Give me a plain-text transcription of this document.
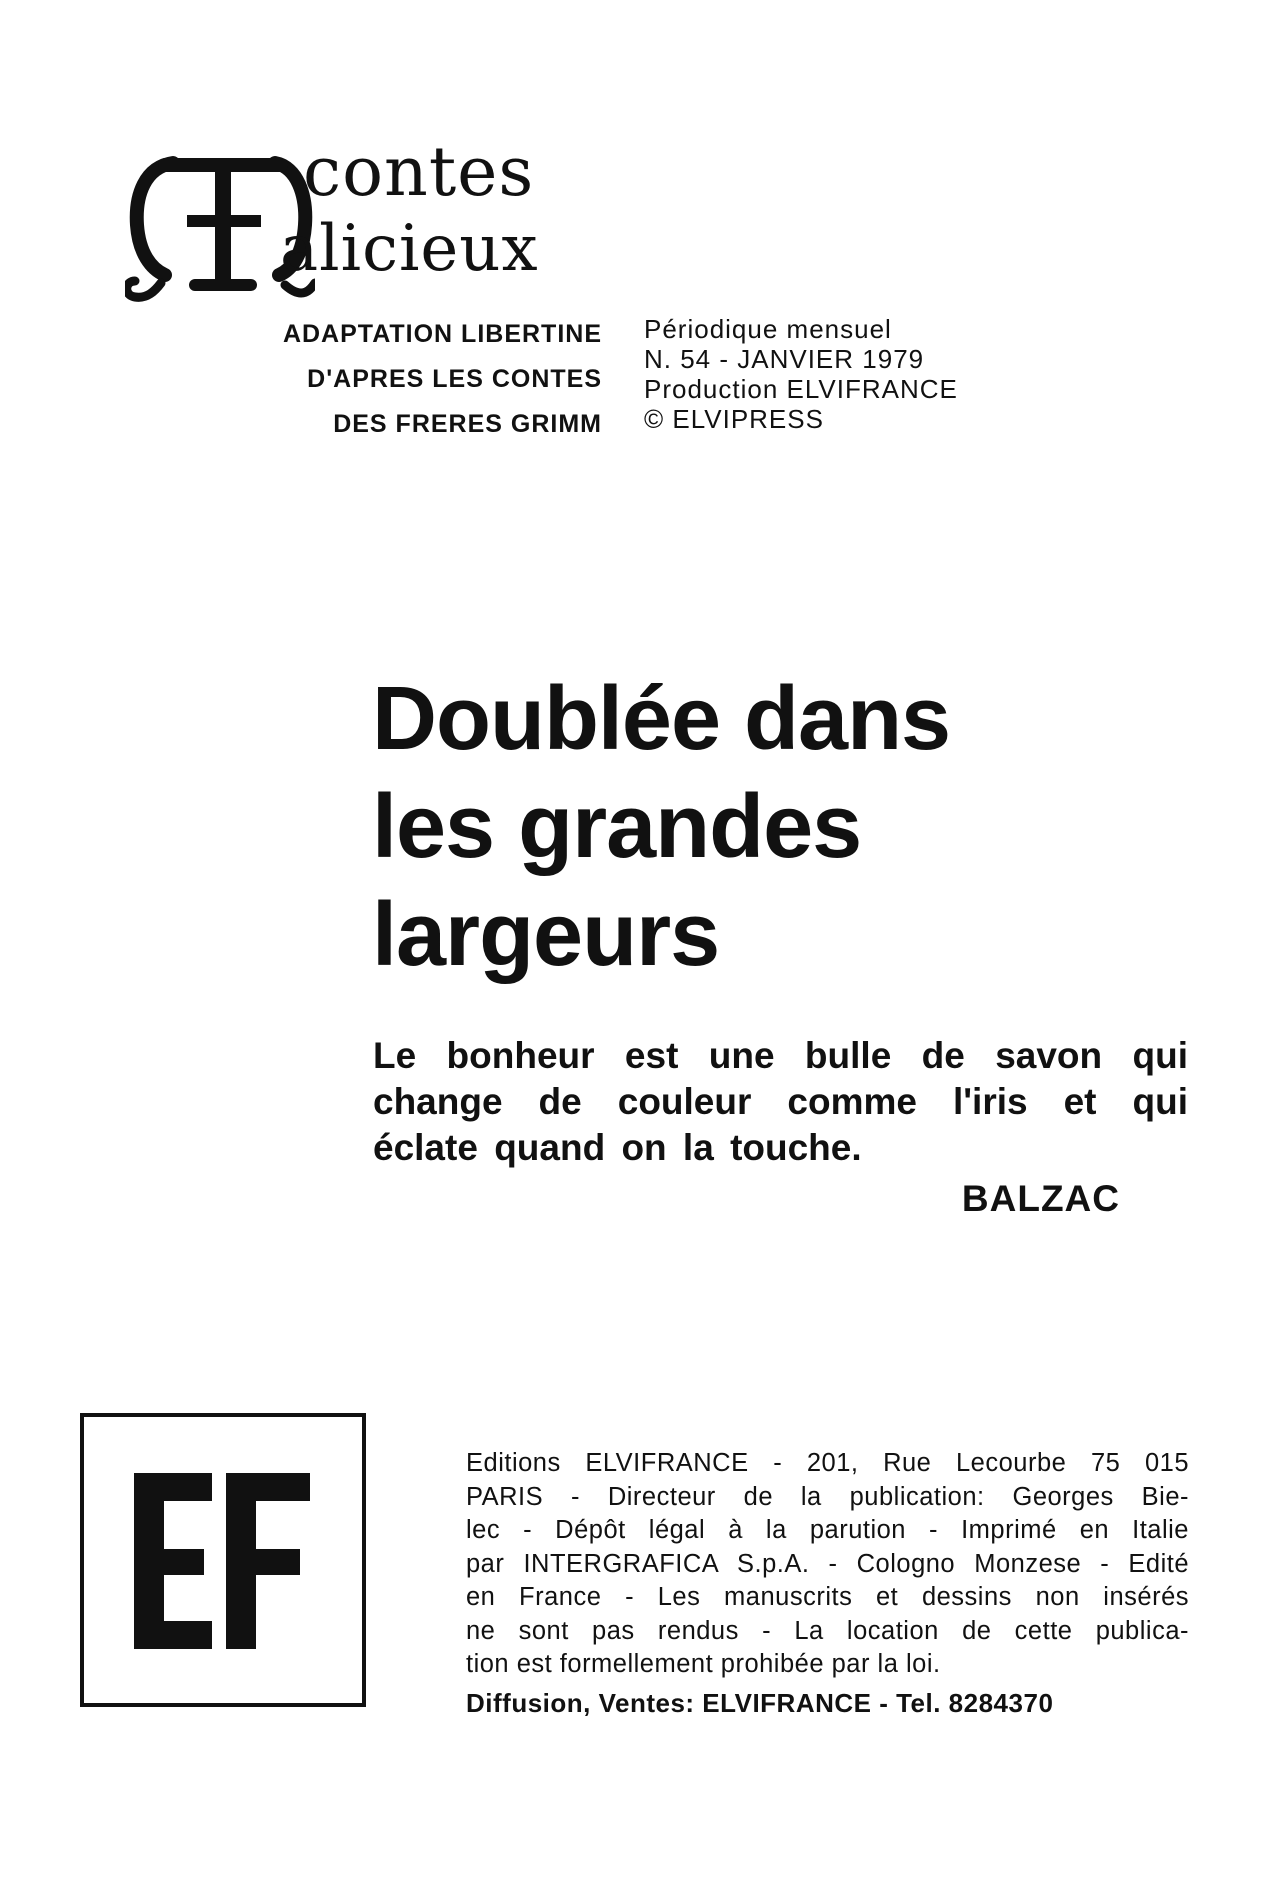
contes
alicieux
ADAPTATION LIBERTINE
D'APRES LES CONTES
DES FRERES GRIMM
Périodique mensuel
N. 54 - JANVIER 1979
Production ELVIFRANCE
© ELVIPRESS
Doublée dans
les grandes
largeurs
Le bonheur est une bulle de savon qui
change de couleur comme l'iris et qui
éclate quand on la touche.
BALZAC
Editions ELVIFRANCE - 201, Rue Lecourbe 75 015
PARIS - Directeur de la publication: Georges Bie-
lec - Dépôt légal à la parution - Imprimé en Italie
par INTERGRAFICA S.p.A. - Cologno Monzese - Edité
en France - Les manuscrits et dessins non insérés
ne sont pas rendus - La location de cette publica-
tion est formellement prohibée par la loi.
Diffusion, Ventes: ELVIFRANCE - Tel. 8284370
